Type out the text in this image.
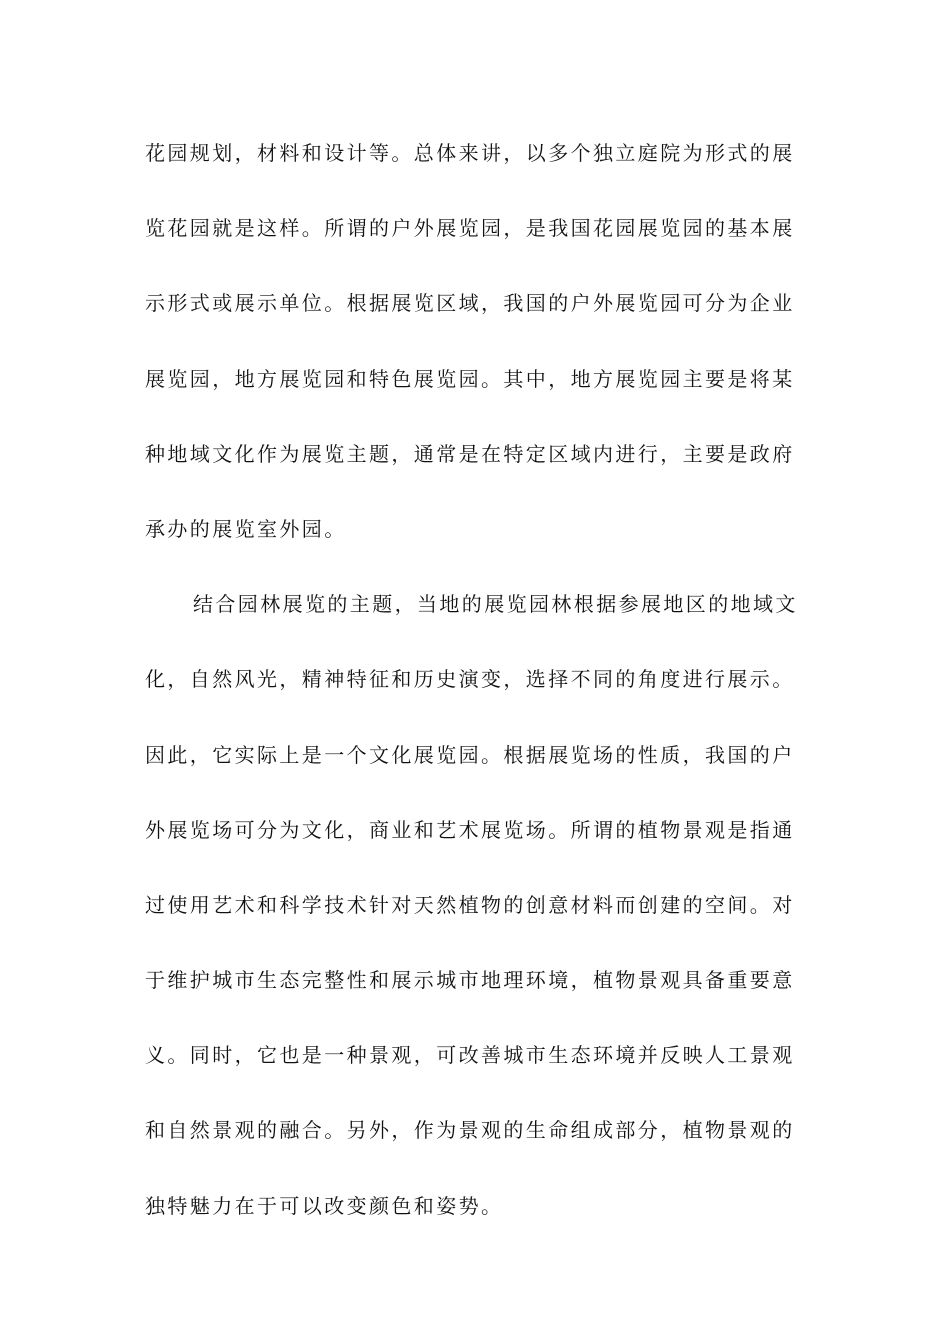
花园规划，材料和设计等。总体来讲，以多个独立庭院为形式的展
览花园就是这样。所谓的户外展览园，是我国花园展览园的基本展
示形式或展示单位。根据展览区域，我国的户外展览园可分为企业
展览园，地方展览园和特色展览园。其中，地方展览园主要是将某
种地域文化作为展览主题，通常是在特定区域内进行，主要是政府
承办的展览室外园。
结合园林展览的主题，当地的展览园林根据参展地区的地域文
化，自然风光，精神特征和历史演变，选择不同的角度进行展示。
因此，它实际上是一个文化展览园。根据展览场的性质，我国的户
外展览场可分为文化，商业和艺术展览场。所谓的植物景观是指通
过使用艺术和科学技术针对天然植物的创意材料而创建的空间。对
于维护城市生态完整性和展示城市地理环境，植物景观具备重要意
义。同时，它也是一种景观，可改善城市生态环境并反映人工景观
和自然景观的融合。另外，作为景观的生命组成部分，植物景观的
独特魅力在于可以改变颜色和姿势。
